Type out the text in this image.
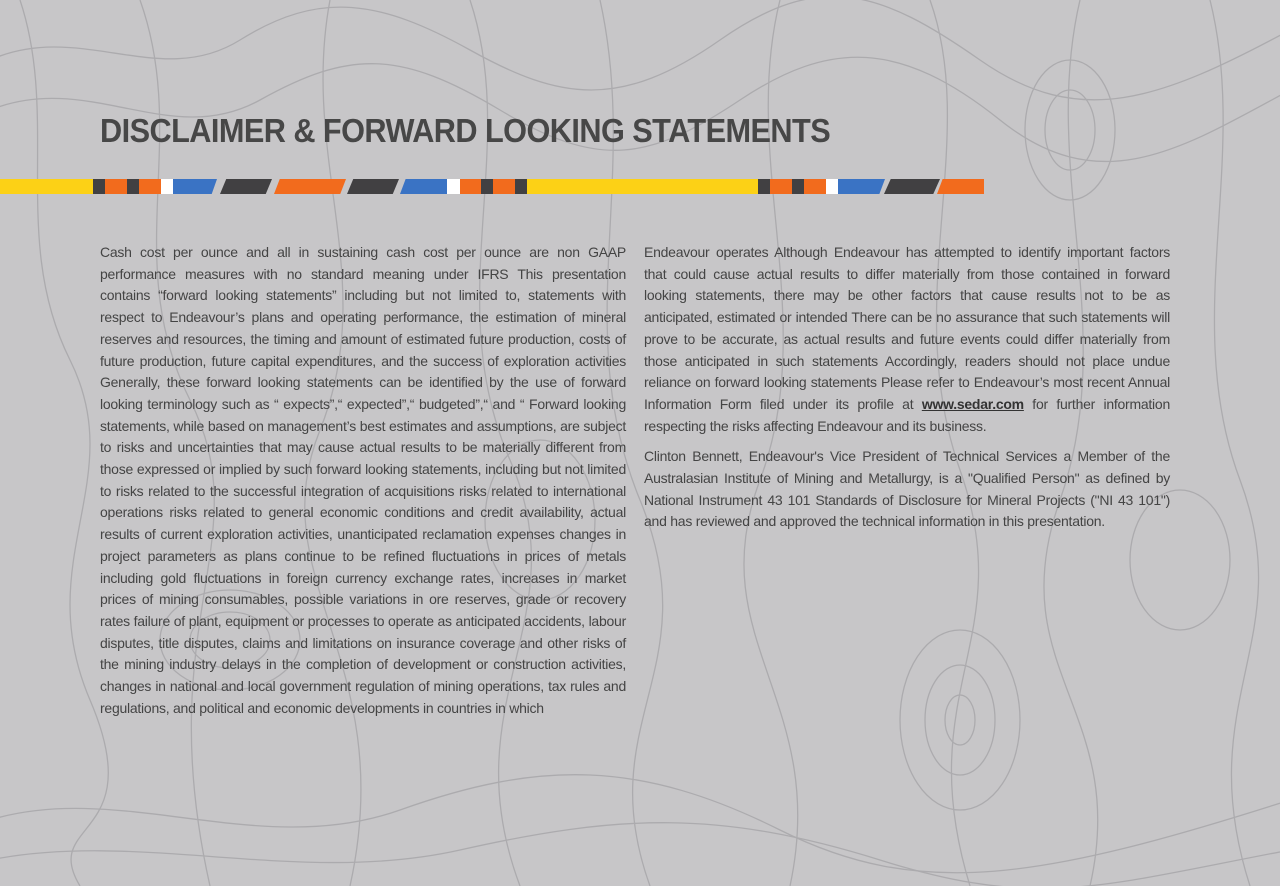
DISCLAIMER & FORWARD LOOKING STATEMENTS

Cash cost per ounce and all in sustaining cash cost per ounce are non GAAP performance measures with no standard meaning under IFRS This presentation contains “forward looking statements” including but not limited to, statements with respect to Endeavour’s plans and operating performance, the estimation of mineral reserves and resources, the timing and amount of estimated future production, costs of future production, future capital expenditures, and the success of exploration activities Generally, these forward looking statements can be identified by the use of forward looking terminology such as “ expects”,“ expected”,“ budgeted”,“ and “ Forward looking statements, while based on management’s best estimates and assumptions, are subject to risks and uncertainties that may cause actual results to be materially different from those expressed or implied by such forward looking statements, including but not limited to risks related to the successful integration of acquisitions risks related to international operations risks related to general economic conditions and credit availability, actual results of current exploration activities, unanticipated reclamation expenses changes in project parameters as plans continue to be refined fluctuations in prices of metals including gold fluctuations in foreign currency exchange rates, increases in market prices of mining consumables, possible variations in ore reserves, grade or recovery rates failure of plant, equipment or processes to operate as anticipated accidents, labour disputes, title disputes, claims and limitations on insurance coverage and other risks of the mining industry delays in the completion of development or construction activities, changes in national and local government regulation of mining operations, tax rules and regulations, and political and economic developments in countries in which

Endeavour operates Although Endeavour has attempted to identify important factors that could cause actual results to differ materially from those contained in forward looking statements, there may be other factors that cause results not to be as anticipated, estimated or intended There can be no assurance that such statements will prove to be accurate, as actual results and future events could differ materially from those anticipated in such statements Accordingly, readers should not place undue reliance on forward looking statements Please refer to Endeavour’s most recent Annual Information Form filed under its profile at www.sedar.com for further information respecting the risks affecting Endeavour and its business.

Clinton Bennett, Endeavour's Vice President of Technical Services a Member of the Australasian Institute of Mining and Metallurgy, is a "Qualified Person" as defined by National Instrument 43 101 Standards of Disclosure for Mineral Projects ("NI 43 101") and has reviewed and approved the technical information in this presentation.
